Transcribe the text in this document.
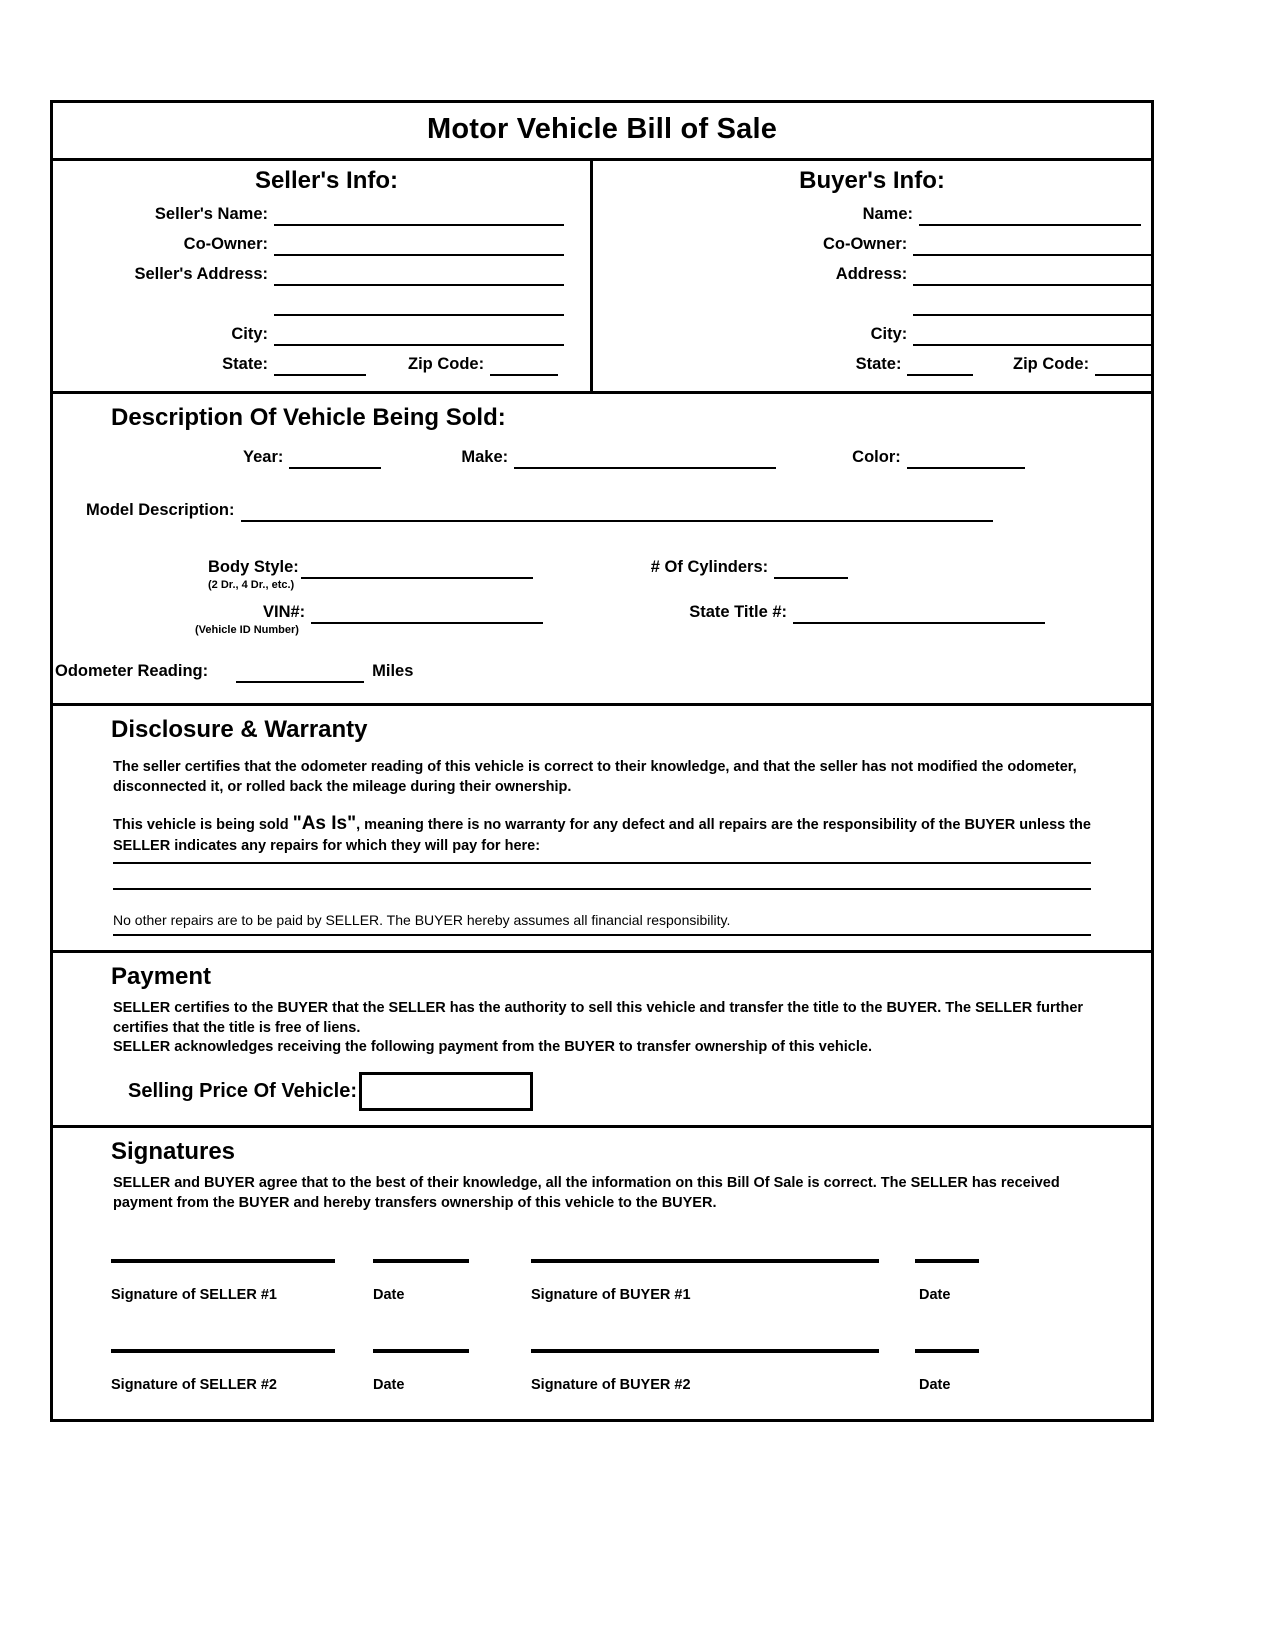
Motor Vehicle Bill of Sale
Seller's Info:
Seller's Name:
Co-Owner:
Seller's Address:
City:
State:	Zip Code:
Buyer's Info:
Name:
Co-Owner:
Address:
City:
State:	Zip Code:
Description Of Vehicle Being Sold:
Year:	Make:	Color:
Model Description:
Body Style:	# Of Cylinders:
(2 Dr., 4 Dr., etc.)
VIN#:	State Title #:
(Vehicle ID Number)
Odometer Reading:	Miles
Disclosure & Warranty
The seller certifies that the odometer reading of this vehicle is correct to their knowledge, and that the seller has not modified the odometer, disconnected it, or rolled back the mileage during their ownership.
This vehicle is being sold "As Is", meaning there is no warranty for any defect and all repairs are the responsibility of the BUYER unless the SELLER indicates any repairs for which they will pay for here:
No other repairs are to be paid by SELLER. The BUYER hereby assumes all financial responsibility.
Payment
SELLER certifies to the BUYER that the SELLER has the authority to sell this vehicle and transfer the title to the BUYER. The SELLER further certifies that the title is free of liens.
SELLER acknowledges receiving the following payment from the BUYER to transfer ownership of this vehicle.
Selling Price Of Vehicle:
Signatures
SELLER and BUYER agree that to the best of their knowledge, all the information on this Bill Of Sale is correct. The SELLER has received payment from the BUYER and hereby transfers ownership of this vehicle to the BUYER.
Signature of SELLER #1	Date	Signature of BUYER #1	Date
Signature of SELLER #2	Date	Signature of BUYER #2	Date
